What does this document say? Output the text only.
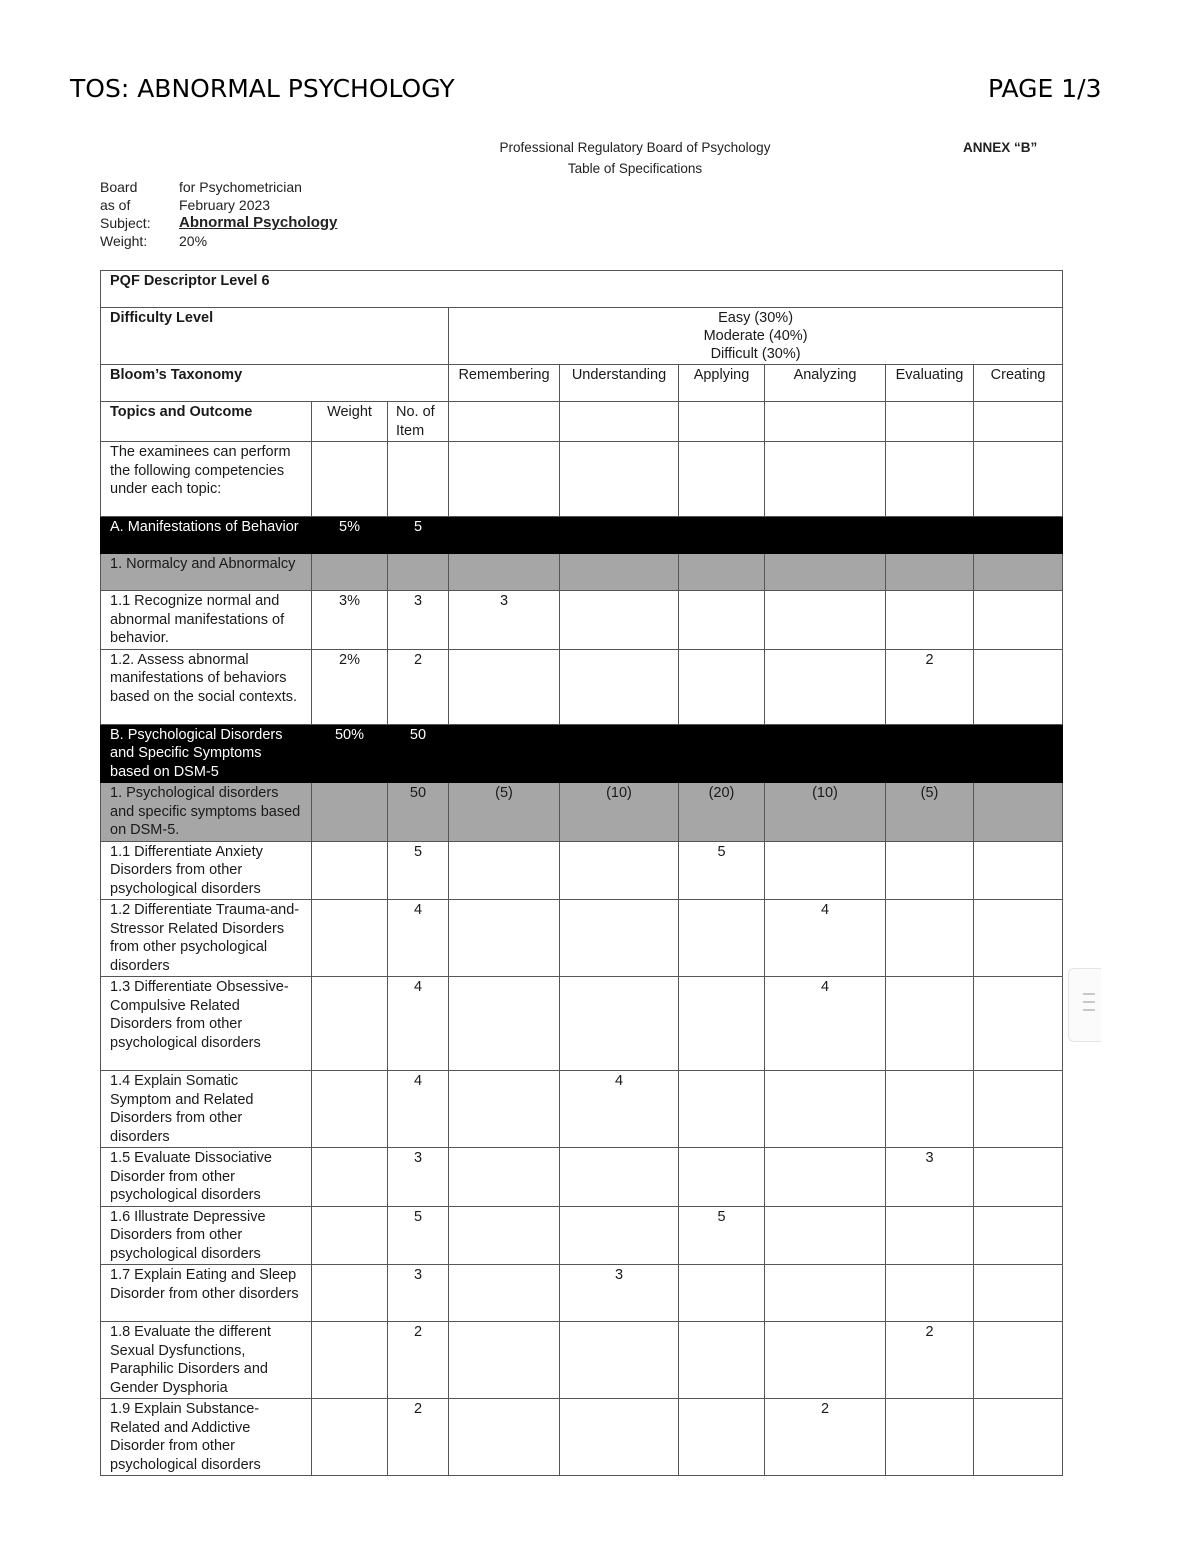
TOS: ABNORMAL PSYCHOLOGY	PAGE 1/3
Professional Regulatory Board of Psychology
Table of Specifications
ANNEX “B”
Board	for Psychometrician
as of	February 2023
Subject:	Abnormal Psychology
Weight:	20%
PQF Descriptor Level 6								
Difficulty Level			Easy (30%)
Moderate (40%)
Difficult (30%)					

Bloom’s Taxonomy			Remembering	Understanding	Applying	Analyzing	Evaluating	Creating
Topics and Outcome	Weight	No. of Item						
The examinees can perform the following competencies under each topic:								
A. Manifestations of Behavior	5%	5						
1. Normalcy and Abnormalcy								
1.1 Recognize normal and abnormal manifestations of behavior.	3%	3	3					
1.2. Assess abnormal manifestations of behaviors based on the social contexts.	2%	2					2	
B. Psychological Disorders and Specific Symptoms based on DSM-5	50%	50						
1. Psychological disorders and specific symptoms based on DSM-5.		50	(5)	(10)	(20)	(10)	(5)	
1.1 Differentiate Anxiety Disorders from other psychological disorders		5			5			
1.2 Differentiate Trauma-and-Stressor Related Disorders from other psychological disorders		4				4		
1.3 Differentiate Obsessive-Compulsive Related Disorders from other psychological disorders		4				4		
1.4 Explain Somatic Symptom and Related Disorders from other disorders		4		4				
1.5 Evaluate Dissociative Disorder from other psychological disorders		3					3	
1.6 Illustrate Depressive Disorders from other psychological disorders		5			5			
1.7 Explain Eating and Sleep Disorder from other disorders		3		3				
1.8 Evaluate the different Sexual Dysfunctions, Paraphilic Disorders and Gender Dysphoria		2					2	
1.9 Explain Substance-Related and Addictive Disorder from other psychological disorders		2				2		
